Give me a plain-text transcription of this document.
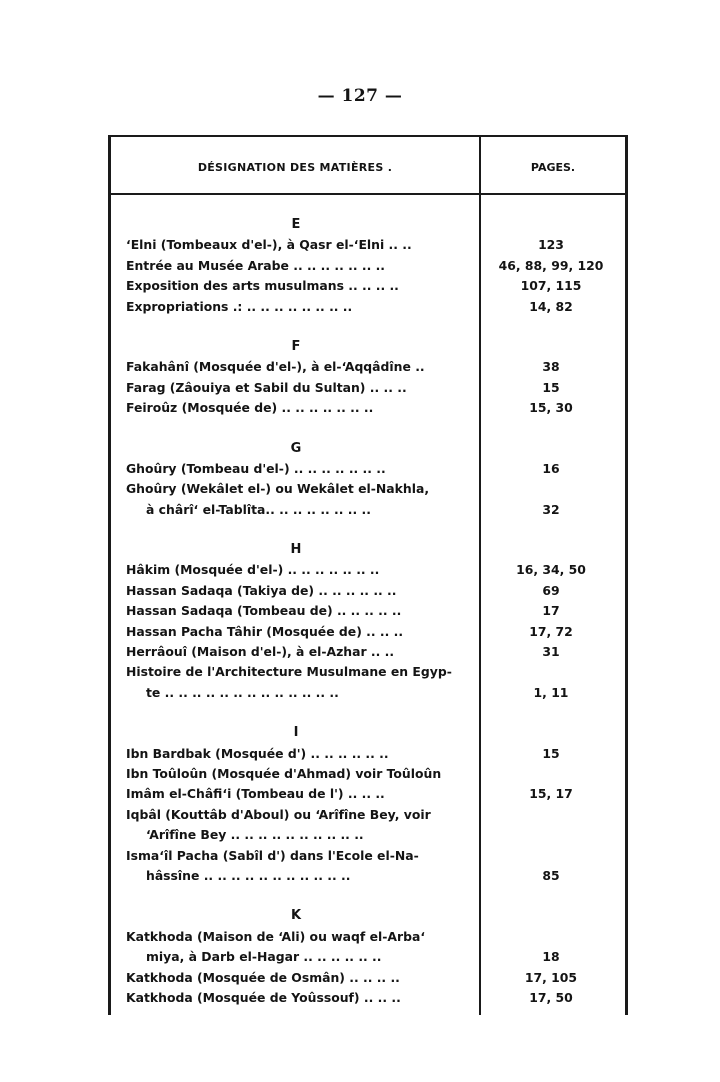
— 127 —
DÉSIGNATION DES MATIÈRES .	PAGES.
E
ʻElni (Tombeaux d'el-), à Qasr el-ʻElni .. ..	123
Entrée au Musée Arabe .. .. .. .. .. .. ..	46, 88, 99, 120
Exposition des arts musulmans .. .. .. ..	107, 115
Expropriations .: .. .. .. .. .. .. .. ..	14, 82
F
Fakahânî (Mosquée d'el-), à el-ʻAqqâdîne ..	38
Farag (Zâouiya et Sabil du Sultan) .. .. ..	15
Feiroûz (Mosquée de) .. .. .. .. .. .. ..	15, 30
G
Ghoûry (Tombeau d'el-) .. .. .. .. .. .. ..	16
Ghoûry (Wekâlet el-) ou Wekâlet el-Nakhla,
à chârîʻ el-Tablîta.. .. .. .. .. .. .. ..	32
H
Hâkim (Mosquée d'el-) .. .. .. .. .. .. ..	16, 34, 50
Hassan Sadaqa (Takiya de) .. .. .. .. .. ..	69
Hassan Sadaqa (Tombeau de) .. .. .. .. ..	17
Hassan Pacha Tâhir (Mosquée de) .. .. ..	17, 72
Herrâouî (Maison d'el-), à el-Azhar .. ..	31
Histoire de l'Architecture Musulmane en Egyp-
te .. .. .. .. .. .. .. .. .. .. .. .. ..	1, 11
I
Ibn Bardbak (Mosquée d') .. .. .. .. .. ..	15
Ibn Toûloûn (Mosquée d'Ahmad) voir Toûloûn
Imâm el-Châfiʻi (Tombeau de l') .. .. ..	15, 17
Iqbâl (Kouttâb d'Aboul) ou ʻArîfîne Bey, voir
ʻArîfîne Bey .. .. .. .. .. .. .. .. .. ..
Ismaʻîl Pacha (Sabîl d') dans l'Ecole el-Na-
hâssîne .. .. .. .. .. .. .. .. .. .. ..	85
K
Katkhoda (Maison de ʻAli) ou waqf el-Arbaʻ
miya, à Darb el-Hagar .. .. .. .. .. ..	18
Katkhoda (Mosquée de Osmân) .. .. .. ..	17, 105
Katkhoda (Mosquée de Yoûssouf) .. .. ..	17, 50
